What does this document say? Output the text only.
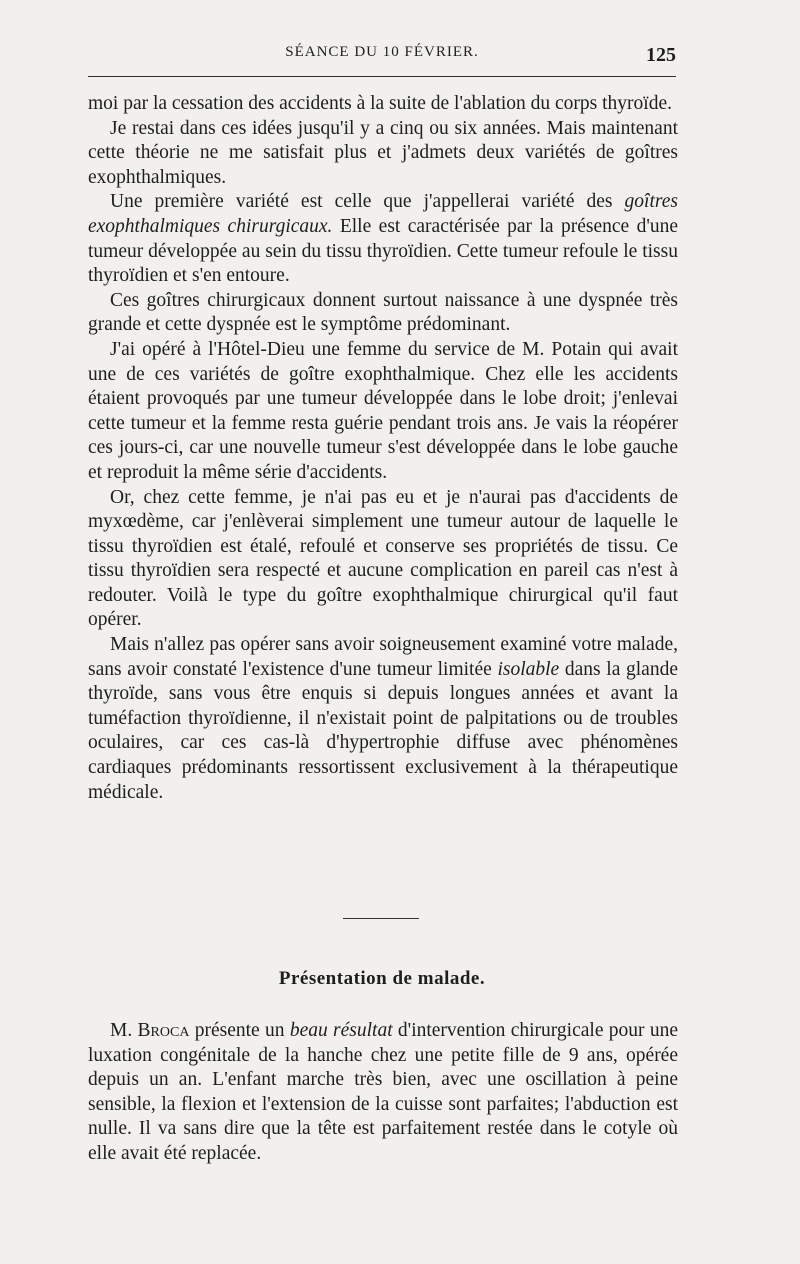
SÉANCE DU 10 FÉVRIER.	125

moi par la cessation des accidents à la suite de l'ablation du corps thyroïde.

Je restai dans ces idées jusqu'il y a cinq ou six années. Mais maintenant cette théorie ne me satisfait plus et j'admets deux variétés de goîtres exophthalmiques.

Une première variété est celle que j'appellerai variété des goîtres exophthalmiques chirurgicaux. Elle est caractérisée par la présence d'une tumeur développée au sein du tissu thyroïdien. Cette tumeur refoule le tissu thyroïdien et s'en entoure.

Ces goîtres chirurgicaux donnent surtout naissance à une dyspnée très grande et cette dyspnée est le symptôme prédominant.

J'ai opéré à l'Hôtel-Dieu une femme du service de M. Potain qui avait une de ces variétés de goître exophthalmique. Chez elle les accidents étaient provoqués par une tumeur développée dans le lobe droit; j'enlevai cette tumeur et la femme resta guérie pendant trois ans. Je vais la réopérer ces jours-ci, car une nouvelle tumeur s'est développée dans le lobe gauche et reproduit la même série d'accidents.

Or, chez cette femme, je n'ai pas eu et je n'aurai pas d'accidents de myxœdème, car j'enlèverai simplement une tumeur autour de laquelle le tissu thyroïdien est étalé, refoulé et conserve ses propriétés de tissu. Ce tissu thyroïdien sera respecté et aucune complication en pareil cas n'est à redouter. Voilà le type du goître exophthalmique chirurgical qu'il faut opérer.

Mais n'allez pas opérer sans avoir soigneusement examiné votre malade, sans avoir constaté l'existence d'une tumeur limitée isolable dans la glande thyroïde, sans vous être enquis si depuis longues années et avant la tuméfaction thyroïdienne, il n'existait point de palpitations ou de troubles oculaires, car ces cas-là d'hypertrophie diffuse avec phénomènes cardiaques prédominants ressortissent exclusivement à la thérapeutique médicale.

Présentation de malade.

M. Broca présente un beau résultat d'intervention chirurgicale pour une luxation congénitale de la hanche chez une petite fille de 9 ans, opérée depuis un an. L'enfant marche très bien, avec une oscillation à peine sensible, la flexion et l'extension de la cuisse sont parfaites; l'abduction est nulle. Il va sans dire que la tête est parfaitement restée dans le cotyle où elle avait été replacée.
